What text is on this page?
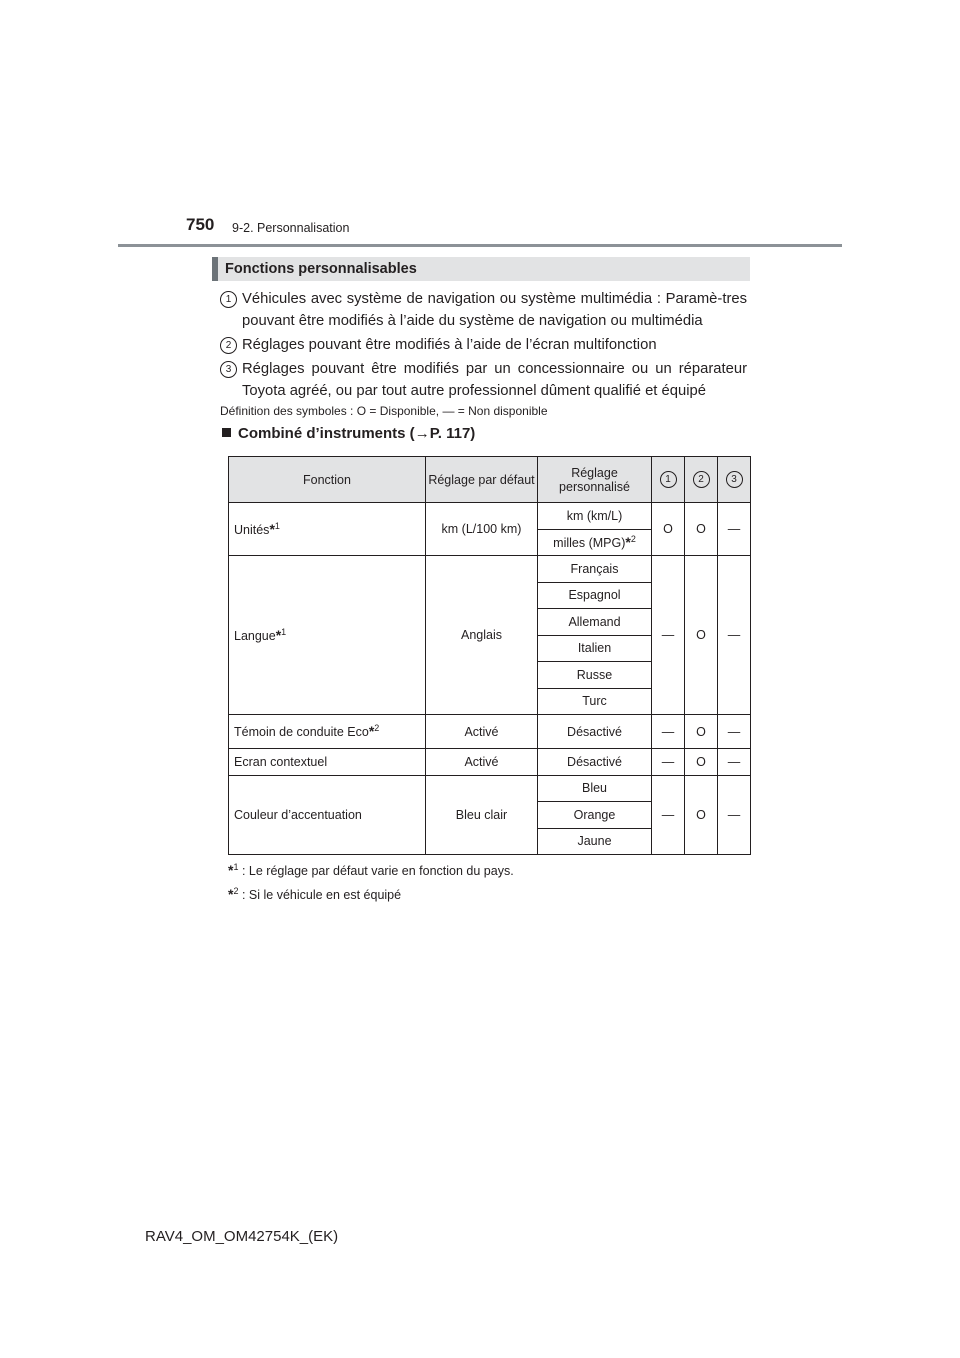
750 9-2. Personnalisation
Fonctions personnalisables
1 Véhicules avec système de navigation ou système multimédia : Paramè-tres pouvant être modifiés à l’aide du système de navigation ou multimédia
2 Réglages pouvant être modifiés à l’aide de l’écran multifonction
3 Réglages pouvant être modifiés par un concessionnaire ou un réparateur Toyota agréé, ou par tout autre professionnel dûment qualifié et équipé
Définition des symboles : O = Disponible, — = Non disponible
Combiné d’instruments (→P. 117)
Fonction	Réglage par défaut	Réglage personnalisé	1	2	3
Unités*$^1$	km (L/100 km)	km (km/L)	O	O	—
		milles (MPG)*$^2$
Langue*$^1$	Anglais	Français	—	O	—
		Espagnol			
		Allemand			
		Italien			
		Russe			
		Turc			
Témoin de conduite Eco*$^2$	Activé	Désactivé	—	O	—
Ecran contextuel	Activé	Désactivé	—	O	—
Couleur d’accentuation	Bleu clair	Bleu	—	O	—
		Orange			
		Jaune			
*$^1$ : Le réglage par défaut varie en fonction du pays.
*$^2$ : Si le véhicule en est équipé
RAV4_OM_OM42754K_(EK)
